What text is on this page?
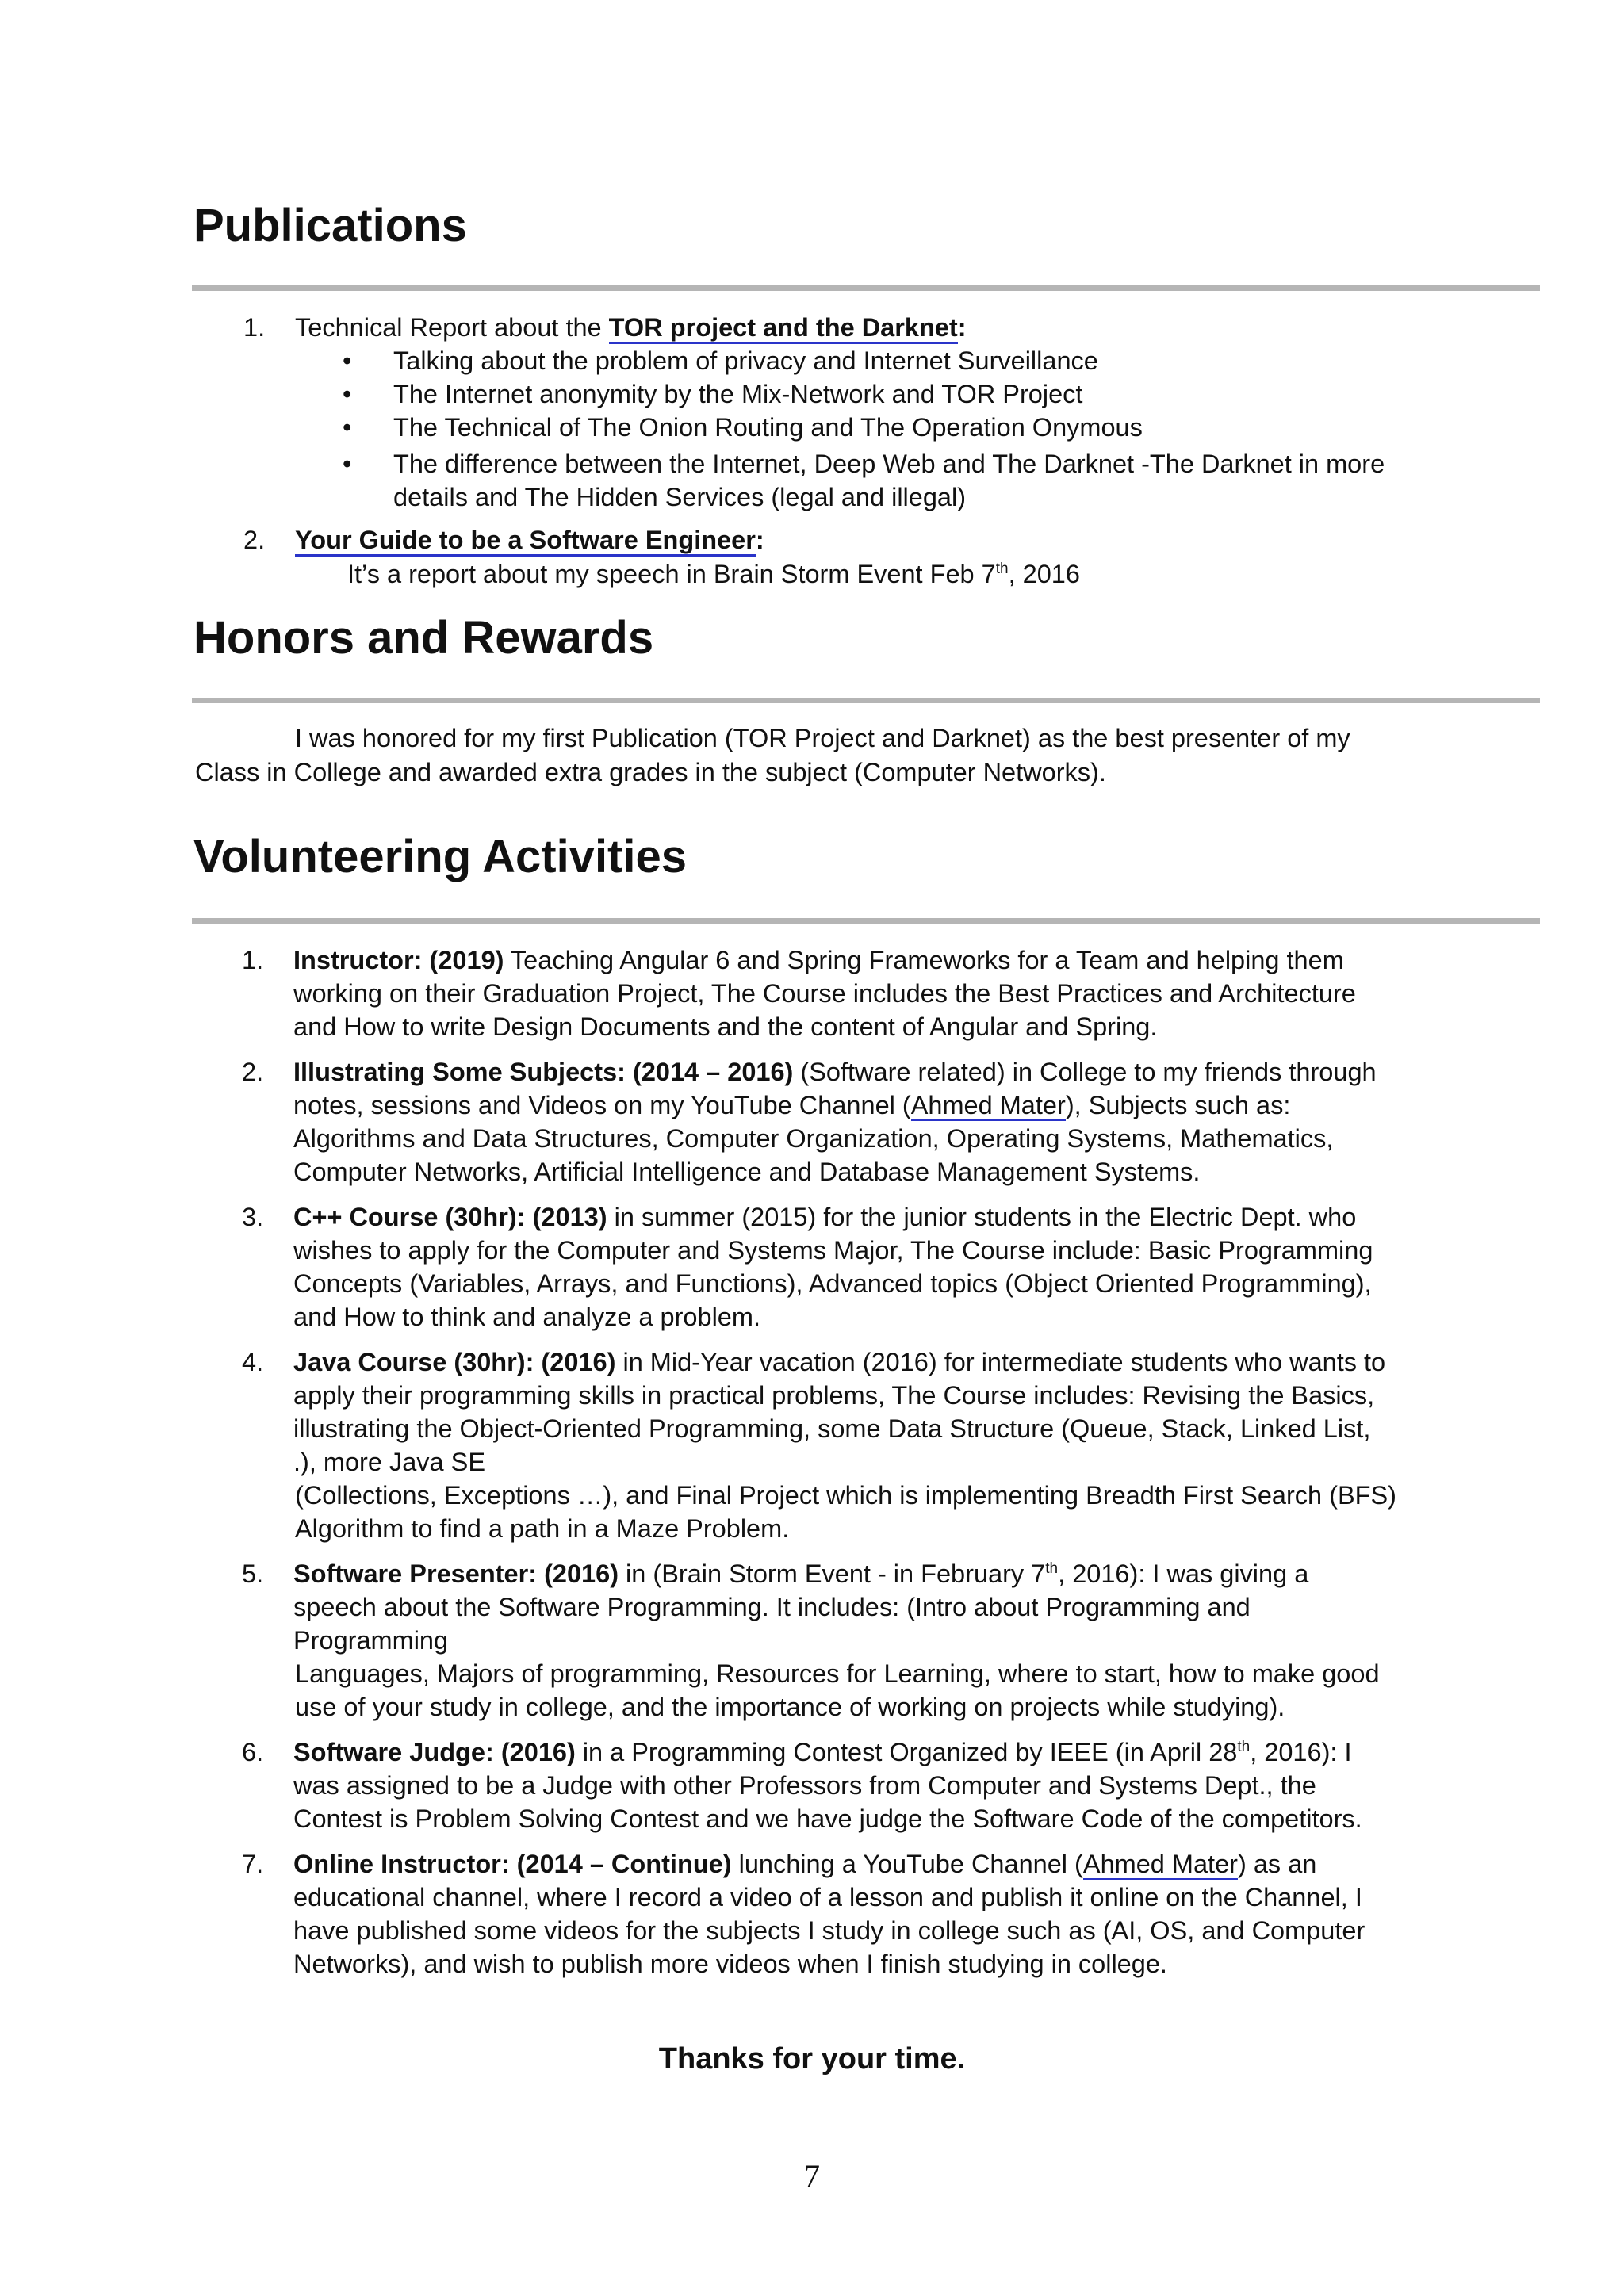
Publications
1. Technical Report about the TOR project and the Darknet:
• Talking about the problem of privacy and Internet Surveillance
• The Internet anonymity by the Mix-Network and TOR Project
• The Technical of The Onion Routing and The Operation Onymous
• The difference between the Internet, Deep Web and The Darknet -The Darknet in more
details and The Hidden Services (legal and illegal)
2. Your Guide to be a Software Engineer:
It’s a report about my speech in Brain Storm Event Feb 7th, 2016
Honors and Rewards
I was honored for my first Publication (TOR Project and Darknet) as the best presenter of my
Class in College and awarded extra grades in the subject (Computer Networks).
Volunteering Activities
1. Instructor: (2019) Teaching Angular 6 and Spring Frameworks for a Team and helping them
working on their Graduation Project, The Course includes the Best Practices and Architecture
and How to write Design Documents and the content of Angular and Spring.
2. Illustrating Some Subjects: (2014 – 2016) (Software related) in College to my friends through
notes, sessions and Videos on my YouTube Channel (Ahmed Mater), Subjects such as:
Algorithms and Data Structures, Computer Organization, Operating Systems, Mathematics,
Computer Networks, Artificial Intelligence and Database Management Systems.
3. C++ Course (30hr): (2013) in summer (2015) for the junior students in the Electric Dept. who
wishes to apply for the Computer and Systems Major, The Course include: Basic Programming
Concepts (Variables, Arrays, and Functions), Advanced topics (Object Oriented Programming),
and How to think and analyze a problem.
4. Java Course (30hr): (2016) in Mid-Year vacation (2016) for intermediate students who wants to
apply their programming skills in practical problems, The Course includes: Revising the Basics,
illustrating the Object-Oriented Programming, some Data Structure (Queue, Stack, Linked List,
.), more Java SE
(Collections, Exceptions …), and Final Project which is implementing Breadth First Search (BFS)
Algorithm to find a path in a Maze Problem.
5. Software Presenter: (2016) in (Brain Storm Event - in February 7th, 2016): I was giving a
speech about the Software Programming. It includes: (Intro about Programming and
Programming
Languages, Majors of programming, Resources for Learning, where to start, how to make good
use of your study in college, and the importance of working on projects while studying).
6. Software Judge: (2016) in a Programming Contest Organized by IEEE (in April 28th, 2016): I
was assigned to be a Judge with other Professors from Computer and Systems Dept., the
Contest is Problem Solving Contest and we have judge the Software Code of the competitors.
7. Online Instructor: (2014 – Continue) lunching a YouTube Channel (Ahmed Mater) as an
educational channel, where I record a video of a lesson and publish it online on the Channel, I
have published some videos for the subjects I study in college such as (AI, OS, and Computer
Networks), and wish to publish more videos when I finish studying in college.
Thanks for your time.
7
